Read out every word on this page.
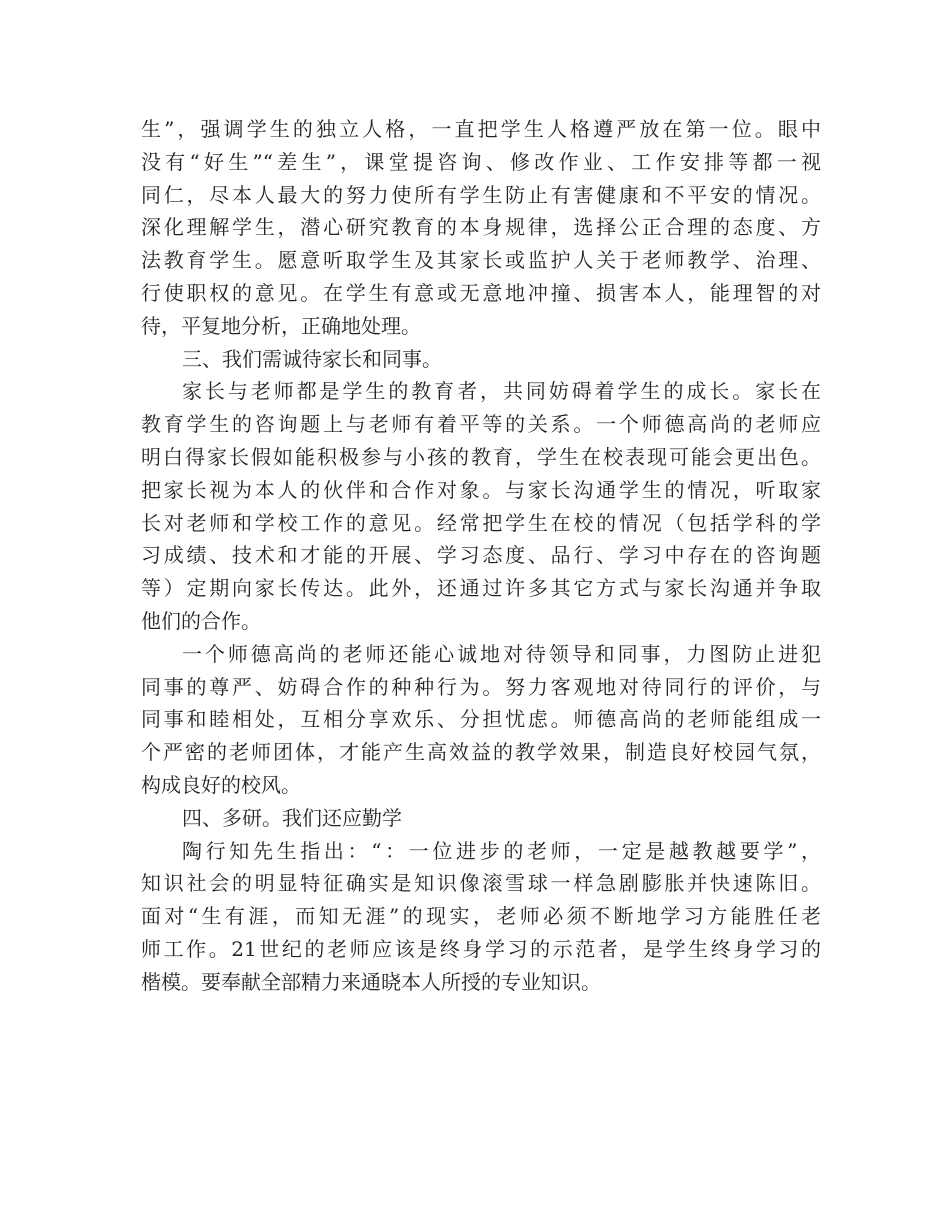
生”，强调学生的独立人格，一直把学生人格遵严放在第一位。眼中
没有“好生”“差生”，课堂提咨询、修改作业、工作安排等都一视
同仁，尽本人最大的努力使所有学生防止有害健康和不平安的情况。
深化理解学生，潜心研究教育的本身规律，选择公正合理的态度、方
法教育学生。愿意听取学生及其家长或监护人关于老师教学、治理、
行使职权的意见。在学生有意或无意地冲撞、损害本人，能理智的对
待，平复地分析，正确地处理。
三、我们需诚待家长和同事。
家长与老师都是学生的教育者，共同妨碍着学生的成长。家长在
教育学生的咨询题上与老师有着平等的关系。一个师德高尚的老师应
明白得家长假如能积极参与小孩的教育，学生在校表现可能会更出色。
把家长视为本人的伙伴和合作对象。与家长沟通学生的情况，听取家
长对老师和学校工作的意见。经常把学生在校的情况（包括学科的学
习成绩、技术和才能的开展、学习态度、品行、学习中存在的咨询题
等）定期向家长传达。此外，还通过许多其它方式与家长沟通并争取
他们的合作。
一个师德高尚的老师还能心诚地对待领导和同事，力图防止进犯
同事的尊严、妨碍合作的种种行为。努力客观地对待同行的评价，与
同事和睦相处，互相分享欢乐、分担忧虑。师德高尚的老师能组成一
个严密的老师团体，才能产生高效益的教学效果，制造良好校园气氛，
构成良好的校风。
四、多研。我们还应勤学
陶行知先生指出：“：一位进步的老师，一定是越教越要学”，
知识社会的明显特征确实是知识像滚雪球一样急剧膨胀并快速陈旧。
面对“生有涯，而知无涯”的现实，老师必须不断地学习方能胜任老
师工作。21世纪的老师应该是终身学习的示范者，是学生终身学习的
楷模。要奉献全部精力来通晓本人所授的专业知识。
